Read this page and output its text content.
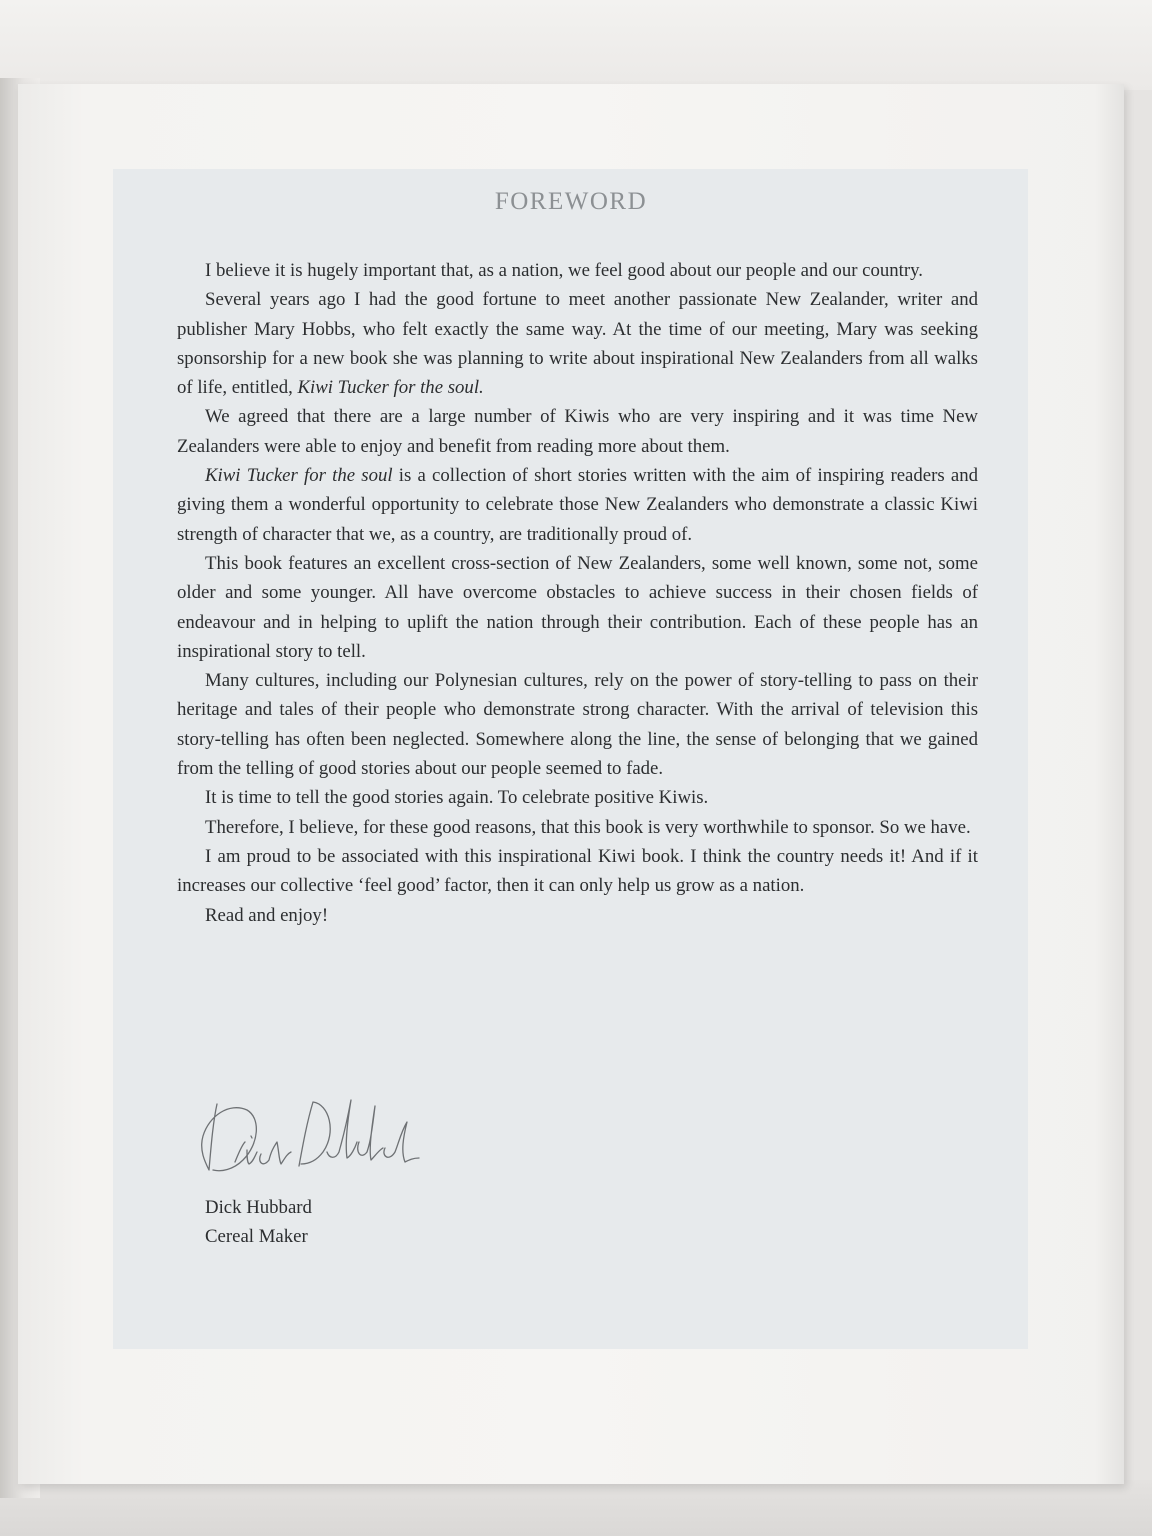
FOREWORD

I believe it is hugely important that, as a nation, we feel good about our people and our country.

Several years ago I had the good fortune to meet another passionate New Zealander, writer and publisher Mary Hobbs, who felt exactly the same way. At the time of our meeting, Mary was seeking sponsorship for a new book she was planning to write about inspirational New Zealanders from all walks of life, entitled, Kiwi Tucker for the soul.

We agreed that there are a large number of Kiwis who are very inspiring and it was time New Zealanders were able to enjoy and benefit from reading more about them.

Kiwi Tucker for the soul is a collection of short stories written with the aim of inspiring readers and giving them a wonderful opportunity to celebrate those New Zealanders who demonstrate a classic Kiwi strength of character that we, as a country, are traditionally proud of.

This book features an excellent cross-section of New Zealanders, some well known, some not, some older and some younger. All have overcome obstacles to achieve success in their chosen fields of endeavour and in helping to uplift the nation through their contribution. Each of these people has an inspirational story to tell.

Many cultures, including our Polynesian cultures, rely on the power of story-telling to pass on their heritage and tales of their people who demonstrate strong character. With the arrival of television this story-telling has often been neglected. Somewhere along the line, the sense of belonging that we gained from the telling of good stories about our people seemed to fade.

It is time to tell the good stories again. To celebrate positive Kiwis.

Therefore, I believe, for these good reasons, that this book is very worthwhile to sponsor. So we have.

I am proud to be associated with this inspirational Kiwi book. I think the country needs it! And if it increases our collective ‘feel good’ factor, then it can only help us grow as a nation.

Read and enjoy!

Dick Hubbard
Cereal Maker
